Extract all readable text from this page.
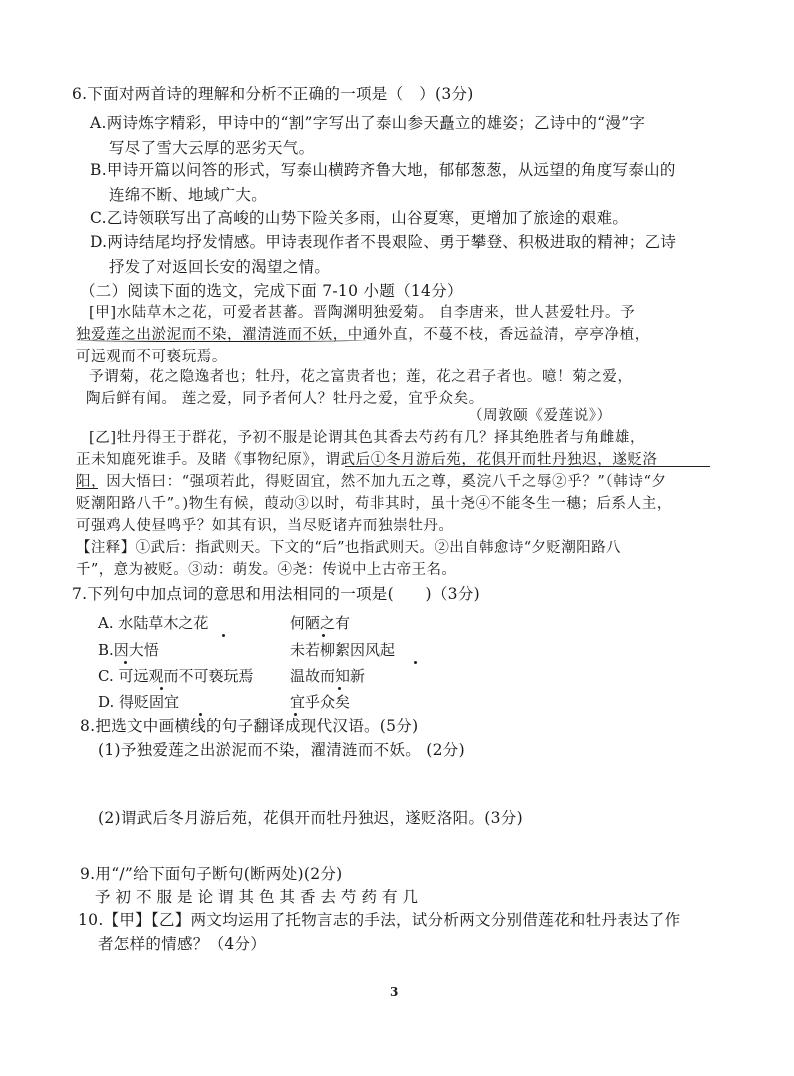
6.下面对两首诗的理解和分析不正确的一项是（　）(3分)
A.两诗炼字精彩，甲诗中的“割”字写出了泰山参天矗立的雄姿；乙诗中的“漫”字
写尽了雪大云厚的恶劣天气。
B.甲诗开篇以问答的形式，写泰山横跨齐鲁大地，郁郁葱葱，从远望的角度写泰山的
连绵不断、地域广大。
C.乙诗领联写出了高峻的山势下险关多雨，山谷夏寒，更增加了旅途的艰难。
D.两诗结尾均抒发情感。甲诗表现作者不畏艰险、勇于攀登、积极进取的精神；乙诗
抒发了对返回长安的渴望之情。
（二）阅读下面的选文，完成下面 7-10 小题（14分）
[甲]水陆草木之花，可爱者甚蕃。晋陶渊明独爱菊。 自李唐来，世人甚爱牡丹。予
独爱莲之出淤泥而不染，濯清涟而不妖，中通外直，不蔓不枝，香远益清，亭亭净植，
可远观而不可亵玩焉。
予谓菊，花之隐逸者也；牡丹，花之富贵者也；莲，花之君子者也。噫！菊之爱，
陶后鲜有闻。 莲之爱，同予者何人？牡丹之爱，宜乎众矣。
（周敦颐《爱莲说》）
[乙]牡丹得王于群花，予初不服是论谓其色其香去芍药有几？择其绝胜者与角雌雄，
正未知鹿死谁手。及睹《事物纪原》，谓武后①冬月游后苑，花俱开而牡丹独迟，遂贬洛
阳，因大悟曰：“强项若此，得贬固宜，然不加九五之尊，奚浣八千之辱②乎？”（韩诗“夕
贬潮阳路八千”。)物生有候，葭动③以时，苟非其时，虽十尧④不能冬生一穗；后系人主，
可强鸡人使昼鸣乎？如其有识，当尽贬诸卉而独崇牡丹。
【注释】①武后：指武则天。下文的“后”也指武则天。②出自韩愈诗“夕贬潮阳路八
千”，意为被贬。③动：萌发。④尧：传说中上古帝王名。
7.下列句中加点词的意思和用法相同的一项是(　　)（3分)
A. 水陆草木之花	何陋之有
B.因大悟	未若柳絮因风起
C. 可远观而不可亵玩焉 温故而知新
D. 得贬固宜	宜乎众矣
8.把选文中画横线的句子翻译成现代汉语。(5分)
(1)予独爱莲之出淤泥而不染，濯清涟而不妖。 (2分)
(2)谓武后冬月游后苑，花俱开而牡丹独迟，遂贬洛阳。(3分)
9.用“/”给下面句子断句(断两处)(2分)
予初不服是论谓其色其香去芍药有几
10.【甲】【乙】两文均运用了托物言志的手法，试分析两文分别借莲花和牡丹表达了作
者怎样的情感？（4分）
3
